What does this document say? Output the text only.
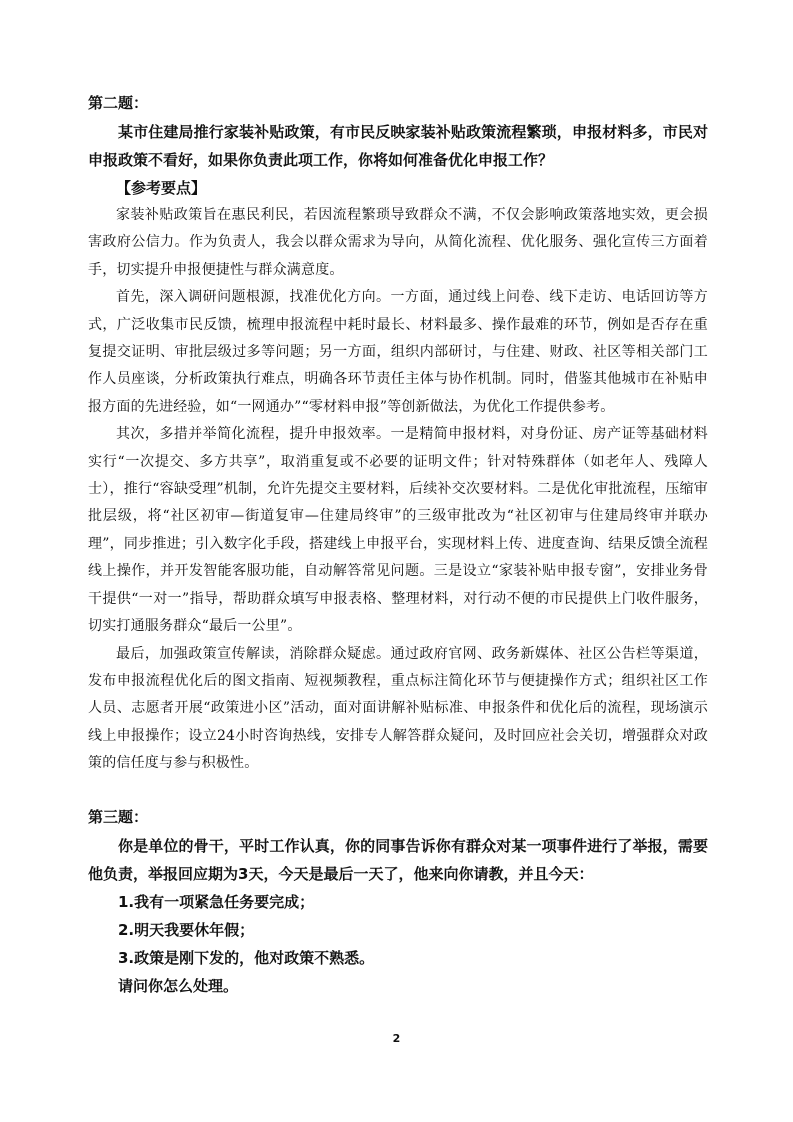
第二题：

某市住建局推行家装补贴政策，有市民反映家装补贴政策流程繁琐，申报材料多，市民对申报政策不看好，如果你负责此项工作，你将如何准备优化申报工作？

【参考要点】

家装补贴政策旨在惠民利民，若因流程繁琐导致群众不满，不仅会影响政策落地实效，更会损害政府公信力。作为负责人，我会以群众需求为导向，从简化流程、优化服务、强化宣传三方面着手，切实提升申报便捷性与群众满意度。

首先，深入调研问题根源，找准优化方向。一方面，通过线上问卷、线下走访、电话回访等方式，广泛收集市民反馈，梳理申报流程中耗时最长、材料最多、操作最难的环节，例如是否存在重复提交证明、审批层级过多等问题；另一方面，组织内部研讨，与住建、财政、社区等相关部门工作人员座谈，分析政策执行难点，明确各环节责任主体与协作机制。同时，借鉴其他城市在补贴申报方面的先进经验，如“一网通办”“零材料申报”等创新做法，为优化工作提供参考。

其次，多措并举简化流程，提升申报效率。一是精简申报材料，对身份证、房产证等基础材料实行“一次提交、多方共享”，取消重复或不必要的证明文件；针对特殊群体（如老年人、残障人士），推行“容缺受理”机制，允许先提交主要材料，后续补交次要材料。二是优化审批流程，压缩审批层级，将“社区初审—街道复审—住建局终审”的三级审批改为“社区初审与住建局终审并联办理”，同步推进；引入数字化手段，搭建线上申报平台，实现材料上传、进度查询、结果反馈全流程线上操作，并开发智能客服功能，自动解答常见问题。三是设立“家装补贴申报专窗”，安排业务骨干提供“一对一”指导，帮助群众填写申报表格、整理材料，对行动不便的市民提供上门收件服务，切实打通服务群众“最后一公里”。

最后，加强政策宣传解读，消除群众疑虑。通过政府官网、政务新媒体、社区公告栏等渠道，发布申报流程优化后的图文指南、短视频教程，重点标注简化环节与便捷操作方式；组织社区工作人员、志愿者开展“政策进小区”活动，面对面讲解补贴标准、申报条件和优化后的流程，现场演示线上申报操作；设立24小时咨询热线，安排专人解答群众疑问，及时回应社会关切，增强群众对政策的信任度与参与积极性。

第三题：

你是单位的骨干，平时工作认真，你的同事告诉你有群众对某一项事件进行了举报，需要他负责，举报回应期为3天，今天是最后一天了，他来向你请教，并且今天：

1.我有一项紧急任务要完成；

2.明天我要休年假；

3.政策是刚下发的，他对政策不熟悉。

请问你怎么处理。

2
